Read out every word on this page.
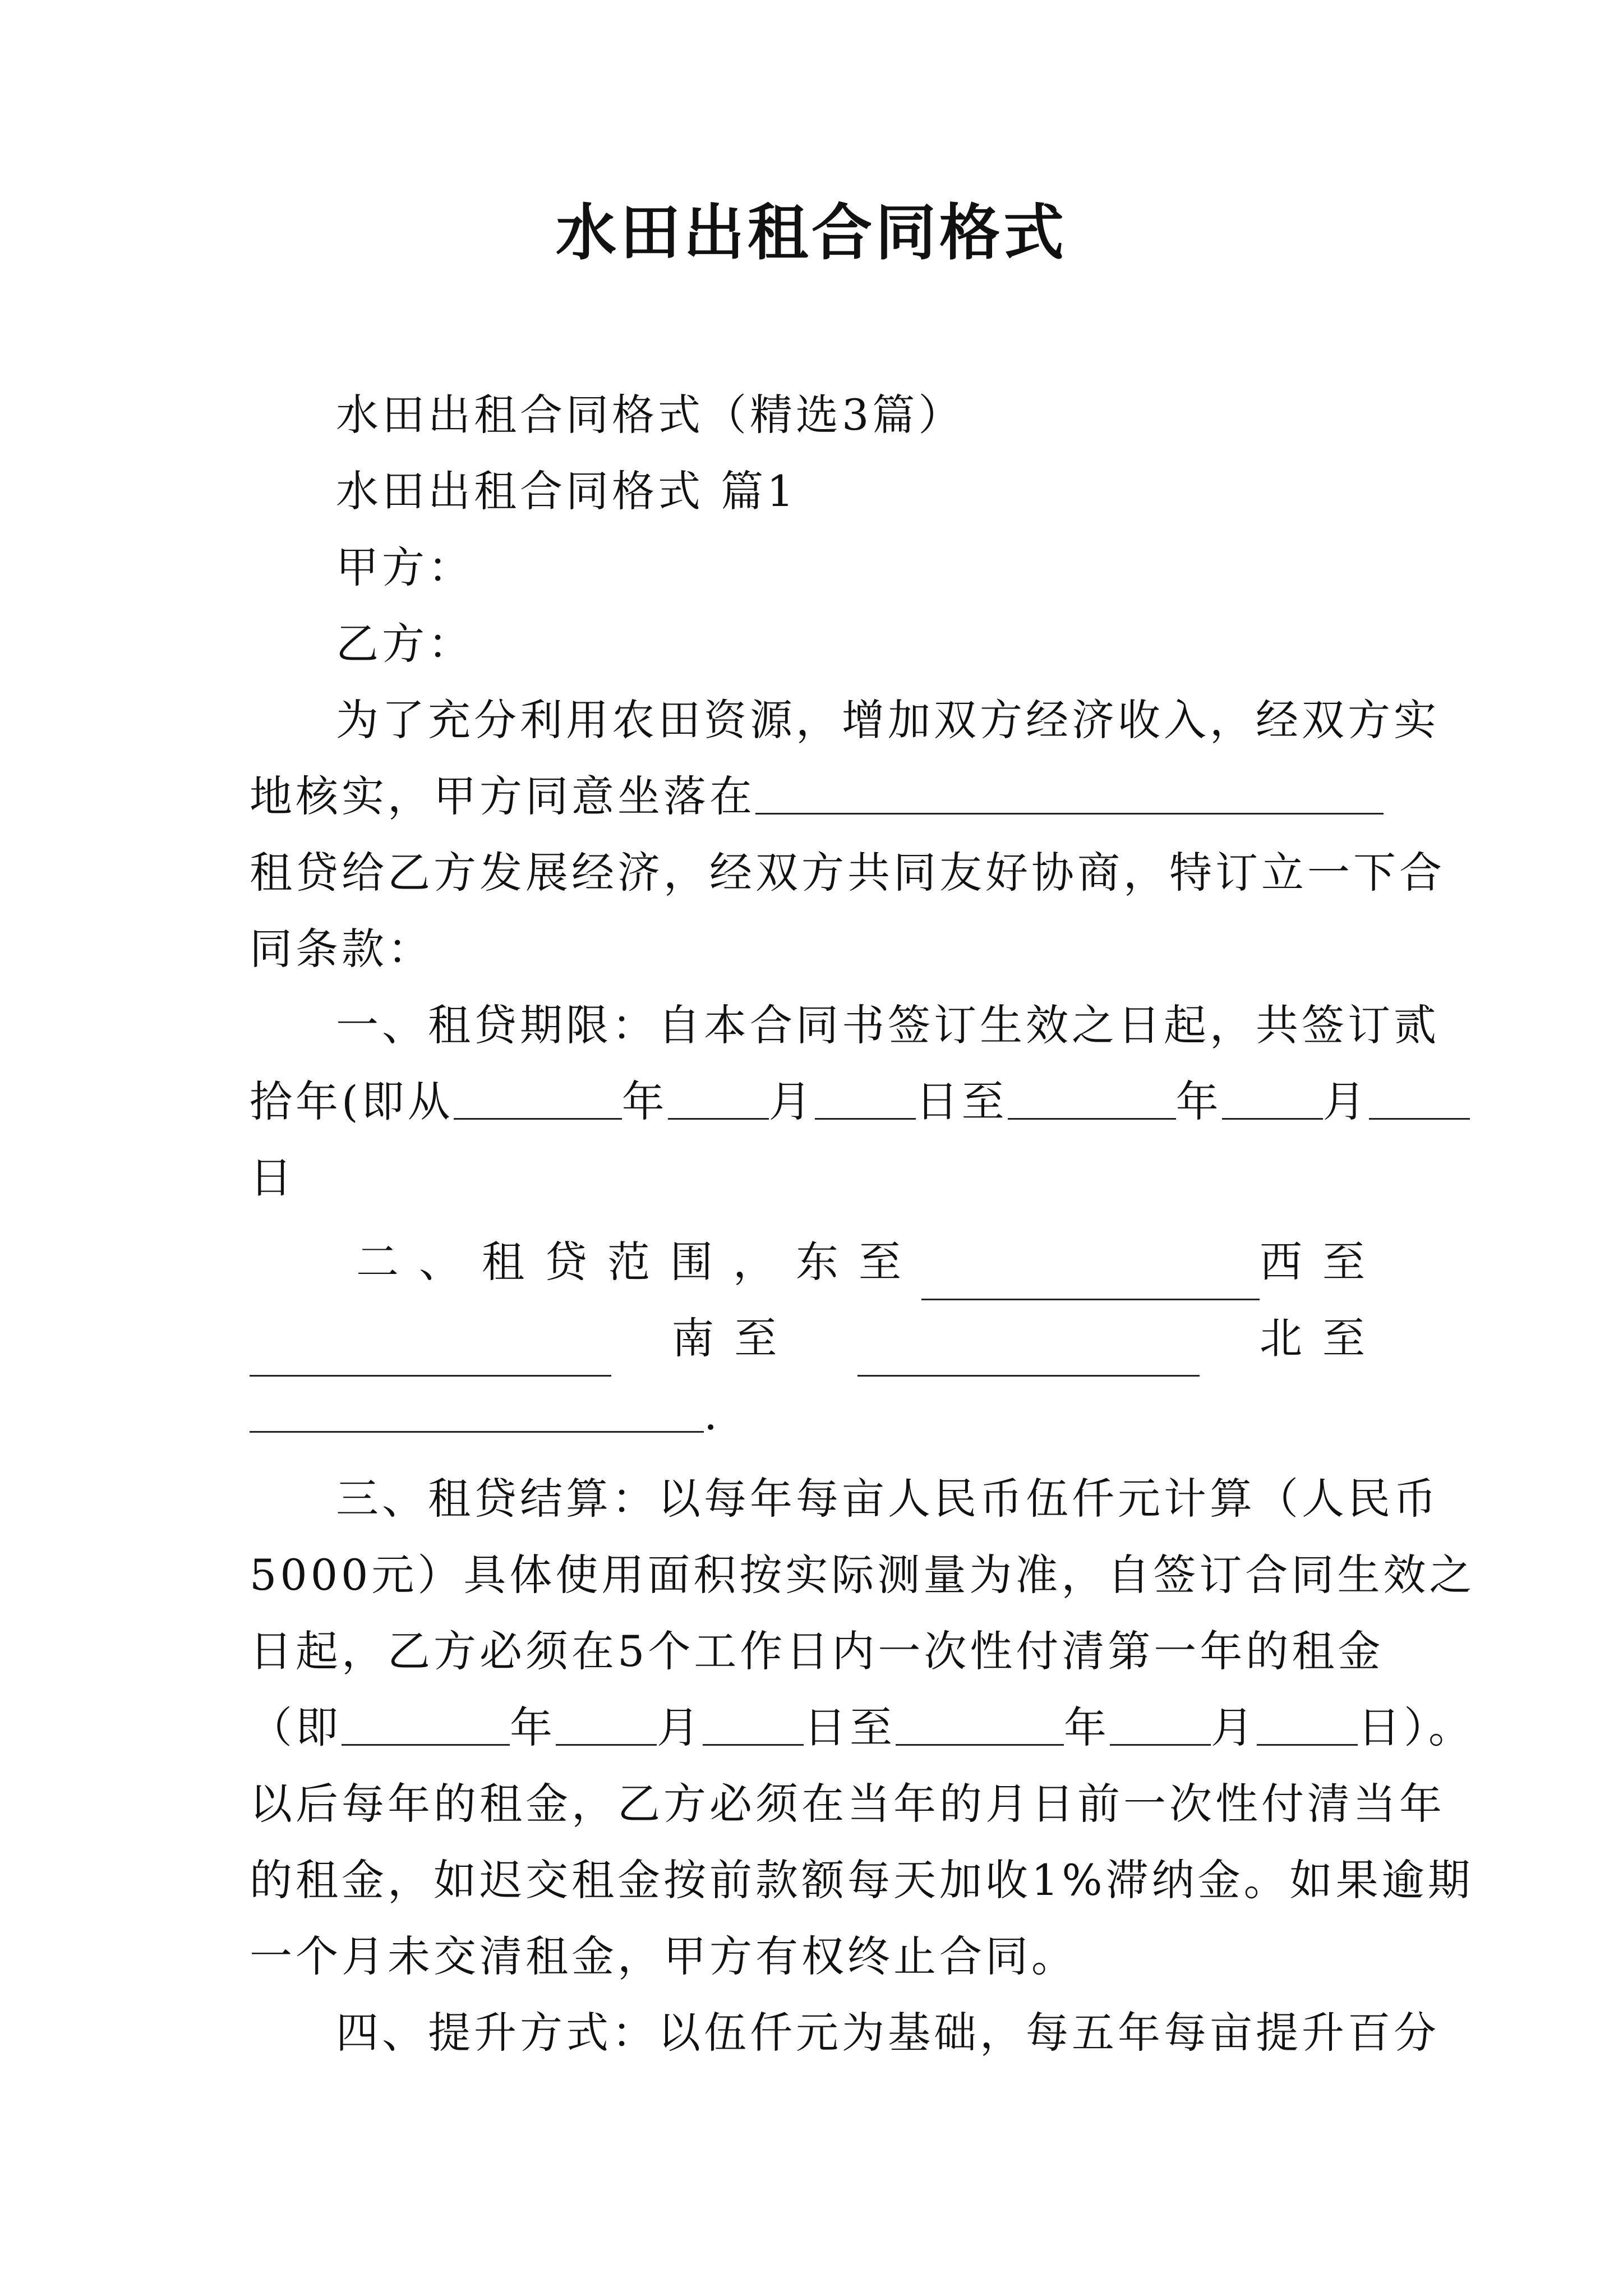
水田出租合同格式
水田出租合同格式（精选3篇）
水田出租合同格式 篇1
甲方：
乙方：
为了充分利用农田资源，增加双方经济收入，经双方实
地核实，甲方同意坐落在
租贷给乙方发展经济，经双方共同友好协商，特订立一下合
同条款：
一、租贷期限：自本合同书签订生效之日起，共签订贰
拾年(即从	年 月 日至	年 月
日
二、租贷范围，东至	西至
南至	北至
.
三、租贷结算：以每年每亩人民币伍仟元计算（人民币
5000元）具体使用面积按实际测量为准，自签订合同生效之
日起，乙方必须在5个工作日内一次性付清第一年的租金
（即	年 月 日至	年 月 日）。
以后每年的租金，乙方必须在当年的月日前一次性付清当年
的租金，如迟交租金按前款额每天加收1%滞纳金。如果逾期
一个月未交清租金，甲方有权终止合同。
四、提升方式：以伍仟元为基础，每五年每亩提升百分
